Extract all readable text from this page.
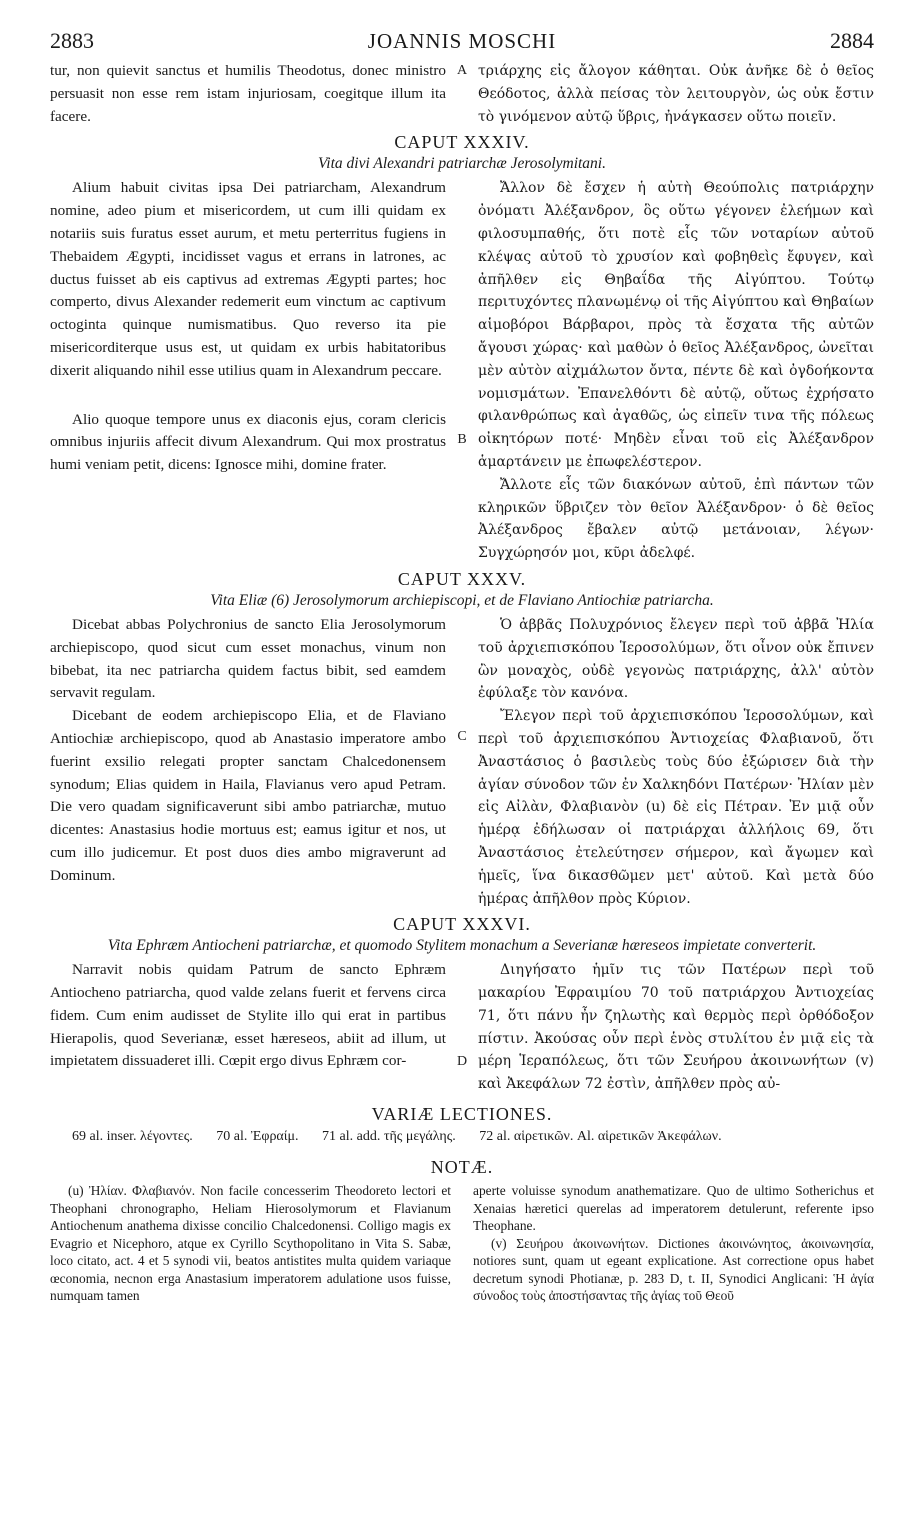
2883	JOANNIS MOSCHI	2884

tur, non quievit sanctus et humilis Theodotus, donec ministro persuasit non esse rem istam injuriosam, coegitque illum ita facere.

A τριάρχης εἰς ἄλογον κάθηται. Οὐκ ἀνῆκε δὲ ὁ θεῖος Θεόδοτος, ἀλλὰ πείσας τὸν λειτουργὸν, ὡς οὐκ ἔστιν τὸ γινόμενον αὐτῷ ὕβρις, ἠνάγκασεν οὕτω ποιεῖν.

CAPUT XXXIV.
Vita divi Alexandri patriarchæ Jerosolymitani.

Alium habuit civitas ipsa Dei patriarcham, Alexandrum nomine, adeo pium et misericordem, ut cum illi quidam ex notariis suis furatus esset aurum, et metu perterritus fugiens in Thebaidem Ægypti, incidisset vagus et errans in latrones, ac ductus fuisset ab eis captivus ad extremas Ægypti partes; hoc comperto, divus Alexander redemerit eum vinctum ac captivum octoginta quinque numismatibus. Quo reverso ita pie misericorditerque usus est, ut quidam ex urbis habitatoribus dixerit aliquando nihil esse utilius quam in Alexandrum peccare.

Alio quoque tempore unus ex diaconis ejus, coram clericis omnibus injuriis affecit divum Alexandrum. Qui mox prostratus humi veniam petit, dicens: Ignosce mihi, domine frater.

B

Ἄλλον δὲ ἔσχεν ἡ αὐτὴ Θεούπολις πατριάρχην ὀνόματι Ἀλέξανδρον, ὃς οὕτω γέγονεν ἐλεήμων καὶ φιλοσυμπαθής, ὅτι ποτὲ εἷς τῶν νοταρίων αὐτοῦ κλέψας αὐτοῦ τὸ χρυσίον καὶ φοβηθεὶς ἔφυγεν, καὶ ἀπῆλθεν εἰς Θηβαΐδα τῆς Αἰγύπτου. Τούτῳ περιτυχόντες πλανωμένῳ οἱ τῆς Αἰγύπτου καὶ Θηβαίων αἱμοβόροι Βάρβαροι, πρὸς τὰ ἔσχατα τῆς αὐτῶν ἄγουσι χώρας· καὶ μαθὼν ὁ θεῖος Ἀλέξανδρος, ὠνεῖται μὲν αὐτὸν αἰχμάλωτον ὄντα, πέντε δὲ καὶ ὀγδοήκοντα νομισμάτων. Ἐπανελθόντι δὲ αὐτῷ, οὕτως ἐχρήσατο φιλανθρώπως καὶ ἀγαθῶς, ὡς εἰπεῖν τινα τῆς πόλεως οἰκητόρων ποτέ· Μηδὲν εἶναι τοῦ εἰς Ἀλέξανδρον ἁμαρτάνειν με ἐπωφελέστερον.

Ἄλλοτε εἷς τῶν διακόνων αὐτοῦ, ἐπὶ πάντων τῶν κληρικῶν ὕβριζεν τὸν θεῖον Ἀλέξανδρον· ὁ δὲ θεῖος Ἀλέξανδρος ἔβαλεν αὐτῷ μετάνοιαν, λέγων· Συγχώρησόν μοι, κῦρι ἀδελφέ.

CAPUT XXXV.
Vita Eliæ (6) Jerosolymorum archiepiscopi, et de Flaviano Antiochiæ patriarcha.

Dicebat abbas Polychronius de sancto Elia Jerosolymorum archiepiscopo, quod sicut cum esset monachus, vinum non bibebat, ita nec patriarcha quidem factus bibit, sed eamdem servavit regulam.

Dicebant de eodem archiepiscopo Elia, et de Flaviano Antiochiæ archiepiscopo, quod ab Anastasio imperatore ambo fuerint exsilio relegati propter sanctam Chalcedonensem synodum; Elias quidem in Haila, Flavianus vero apud Petram. Die vero quadam significaverunt sibi ambo patriarchæ, mutuo dicentes: Anastasius hodie mortuus est; eamus igitur et nos, ut cum illo judicemur. Et post duos dies ambo migraverunt ad Dominum.

C

Ὁ ἀββᾶς Πολυχρόνιος ἔλεγεν περὶ τοῦ ἀββᾶ Ἠλία τοῦ ἀρχιεπισκόπου Ἱεροσολύμων, ὅτι οἶνον οὐκ ἔπινεν ὢν μοναχὸς, οὐδὲ γεγονὼς πατριάρχης, ἀλλ' αὐτὸν ἐφύλαξε τὸν κανόνα.

Ἔλεγον περὶ τοῦ ἀρχιεπισκόπου Ἱεροσολύμων, καὶ περὶ τοῦ ἀρχιεπισκόπου Ἀντιοχείας Φλαβιανοῦ, ὅτι Ἀναστάσιος ὁ βασιλεὺς τοὺς δύο ἐξώρισεν διὰ τὴν ἁγίαν σύνοδον τῶν ἐν Χαλκηδόνι Πατέρων· Ἠλίαν μὲν εἰς Αἰλὰν, Φλαβιανὸν (u) δὲ εἰς Πέτραν. Ἐν μιᾷ οὖν ἡμέρᾳ ἐδήλωσαν οἱ πατριάρχαι ἀλλήλοις 69, ὅτι Ἀναστάσιος ἐτελεύτησεν σήμερον, καὶ ἄγωμεν καὶ ἡμεῖς, ἵνα δικασθῶμεν μετ' αὐτοῦ. Καὶ μετὰ δύο ἡμέρας ἀπῆλθον πρὸς Κύριον.

CAPUT XXXVI.
Vita Ephræm Antiocheni patriarchæ, et quomodo Stylitem monachum a Severianæ hæreseos impietate converterit.

Narravit nobis quidam Patrum de sancto Ephræm Antiocheno patriarcha, quod valde zelans fuerit et fervens circa fidem. Cum enim audisset de Stylite illo qui erat in partibus Hierapolis, quod Severianæ, esset hæreseos, abiit ad illum, ut impietatem dissuaderet illi. Cœpit ergo divus Ephræm cor-	D

Διηγήσατο ἡμῖν τις τῶν Πατέρων περὶ τοῦ μακαρίου Ἐφραιμίου 70 τοῦ πατριάρχου Ἀντιοχείας 71, ὅτι πάνυ ἦν ζηλωτὴς καὶ θερμὸς περὶ ὀρθόδοξον πίστιν. Ἀκούσας οὖν περὶ ἑνὸς στυλίτου ἐν μιᾷ εἰς τὰ μέρη Ἱεραπόλεως, ὅτι τῶν Σευήρου ἀκοινωνήτων (v) καὶ Ἀκεφάλων 72 ἐστὶν, ἀπῆλθεν πρὸς αὐ-

VARIÆ LECTIONES.
69 al. inser. λέγοντες. 70 al. Ἐφραίμ. 71 al. add. τῆς μεγάλης. 72 al. αἱρετικῶν. Al. αἱρετικῶν Ἀκεφάλων.
NOTÆ.

(u) Ἠλίαν. Φλαβιανόν. Non facile concesserim Theodoreto lectori et Theophani chronographo, Heliam Hierosolymorum et Flavianum Antiochenum anathema dixisse concilio Chalcedonensi. Colligo magis ex Evagrio et Nicephoro, atque ex Cyrillo Scythopolitano in Vita S. Sabæ, loco citato, act. 4 et 5 synodi vii, beatos antistites multa quidem variaque œconomia, necnon erga Anastasium imperatorem adulatione usos fuisse, numquam tamen

aperte voluisse synodum anathematizare. Quo de ultimo Sotherichus et Xenaias hæretici querelas ad imperatorem detulerunt, referente ipso Theophane.

(v) Σευήρου ἀκοινωνήτων. Dictiones ἀκοινώνητος, ἀκοινωνησία, notiores sunt, quam ut egeant explicatione. Ast correctione opus habet decretum synodi Photianæ, p. 283 D, t. II, Synodici Anglicani: Ἡ ἁγία σύνοδος τοὺς ἀποστήσαντας τῆς ἁγίας τοῦ Θεοῦ
